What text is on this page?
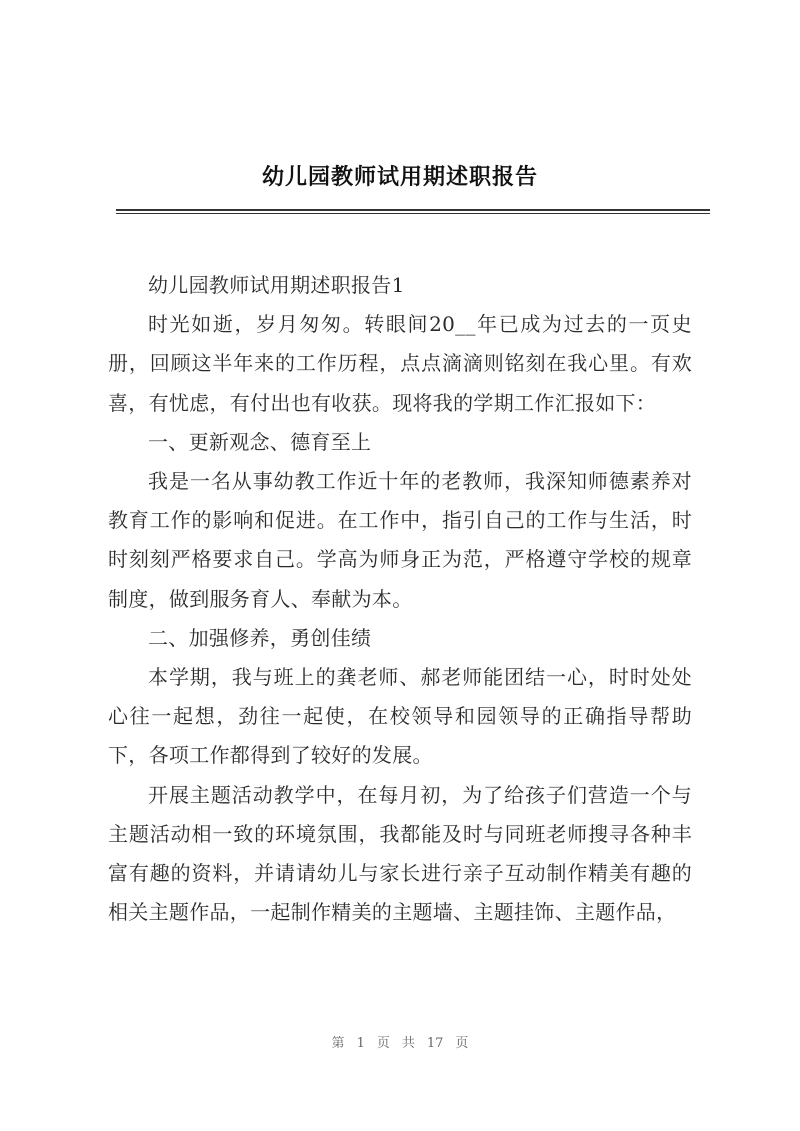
幼儿园教师试用期述职报告

幼儿园教师试用期述职报告1

时光如逝，岁月匆匆。转眼间20__年已成为过去的一页史册，回顾这半年来的工作历程，点点滴滴则铭刻在我心里。有欢喜，有忧虑，有付出也有收获。现将我的学期工作汇报如下：

一、更新观念、德育至上

我是一名从事幼教工作近十年的老教师，我深知师德素养对教育工作的影响和促进。在工作中，指引自己的工作与生活，时时刻刻严格要求自己。学高为师身正为范，严格遵守学校的规章制度，做到服务育人、奉献为本。

二、加强修养，勇创佳绩

本学期，我与班上的龚老师、郝老师能团结一心，时时处处心往一起想，劲往一起使，在校领导和园领导的正确指导帮助下，各项工作都得到了较好的发展。

开展主题活动教学中，在每月初，为了给孩子们营造一个与主题活动相一致的环境氛围，我都能及时与同班老师搜寻各种丰富有趣的资料，并请请幼儿与家长进行亲子互动制作精美有趣的相关主题作品，一起制作精美的主题墙、主题挂饰、主题作品，

第 1 页 共 17 页
